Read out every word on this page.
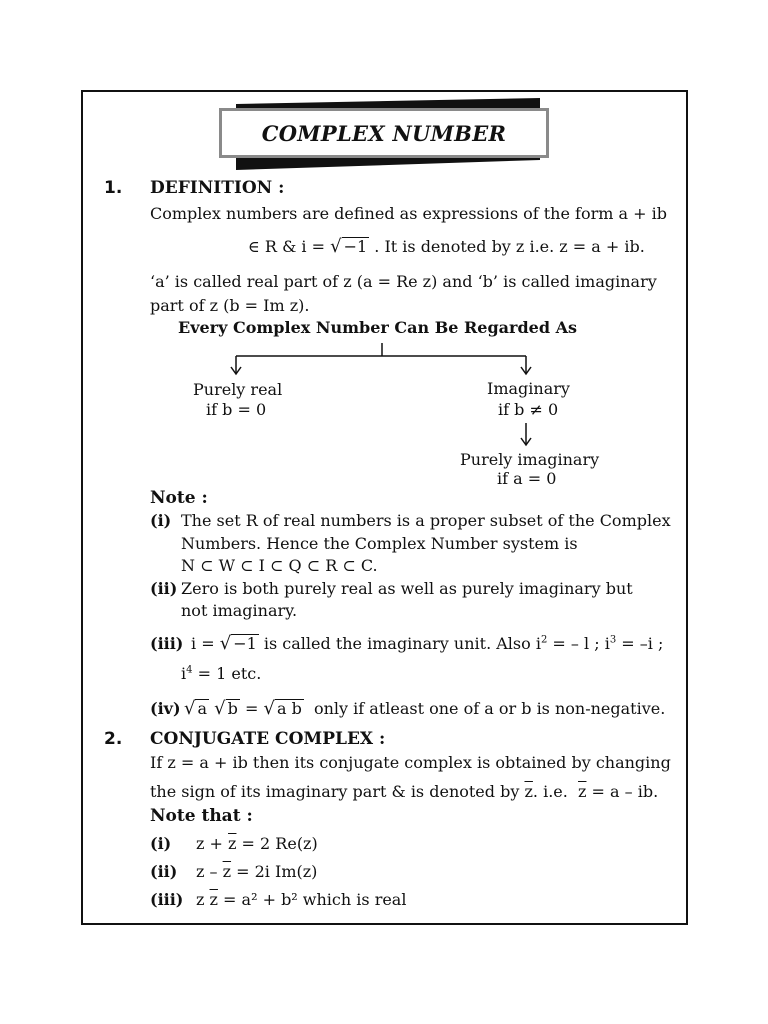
COMPLEX NUMBER
1. DEFINITION :
Complex numbers are defined as expressions of the form a + ib
∈ R & i = √ −1 . It is denoted by z i.e. z = a + ib.
‘a’ is called real part of z (a = Re z) and ‘b’ is called imaginary
part of z (b = Im z).
Every Complex Number Can Be Regarded As
Purely real
if b = 0
Imaginary
if b ≠ 0
Purely imaginary
if a = 0
Note :
(i) The set R of real numbers is a proper subset of the Complex
Numbers. Hence the Complex Number system is
N ⊂ W ⊂ I ⊂ Q ⊂ R ⊂ C.
(ii) Zero is both purely real as well as purely imaginary but
not imaginary.
(iii) i = √ −1 is called the imaginary unit. Also $i^2$ = – l ; $i^3 = -i$ ;
$i^4 = 1$ etc.
(iv) √ a √ b = √ a b only if atleast one of a or b is non-negative.
2. CONJUGATE COMPLEX :
If z = a + ib then its conjugate complex is obtained by changing
the sign of its imaginary part & is denoted by $\overline{z}$. i.e. $\overline{z} = a$ – ib.
Note that :
(i) $z + \overline{z} = 2$ Re(z)
(ii) $z - \overline{z} = 2i$ Im(z)
(iii) z $\overline{z} = a^2 + b^2$ which is real
